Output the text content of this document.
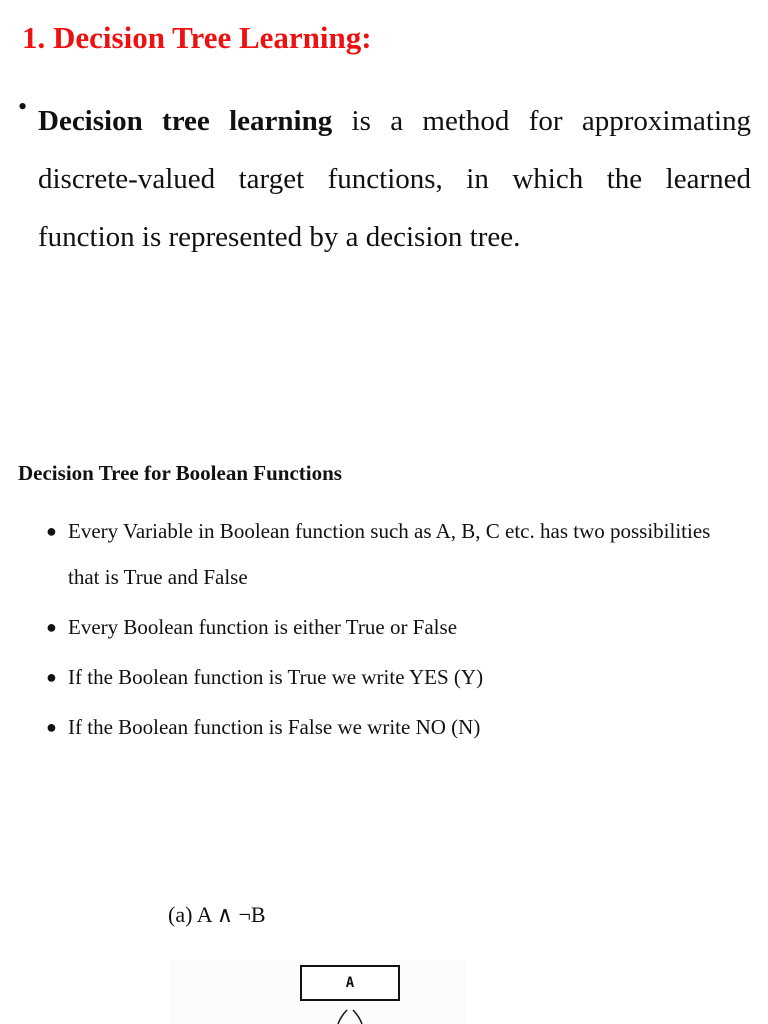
1. Decision Tree Learning:
• Decision tree learning is a method for approximating discrete-valued target functions, in which the learned function is represented by a decision tree.

Decision Tree for Boolean Functions
● Every Variable in Boolean function such as A, B, C etc. has two possibilities that is True and False
● Every Boolean function is either True or False
● If the Boolean function is True we write YES (Y)
● If the Boolean function is False we write NO (N)

(a) A ∧ ¬B

A
